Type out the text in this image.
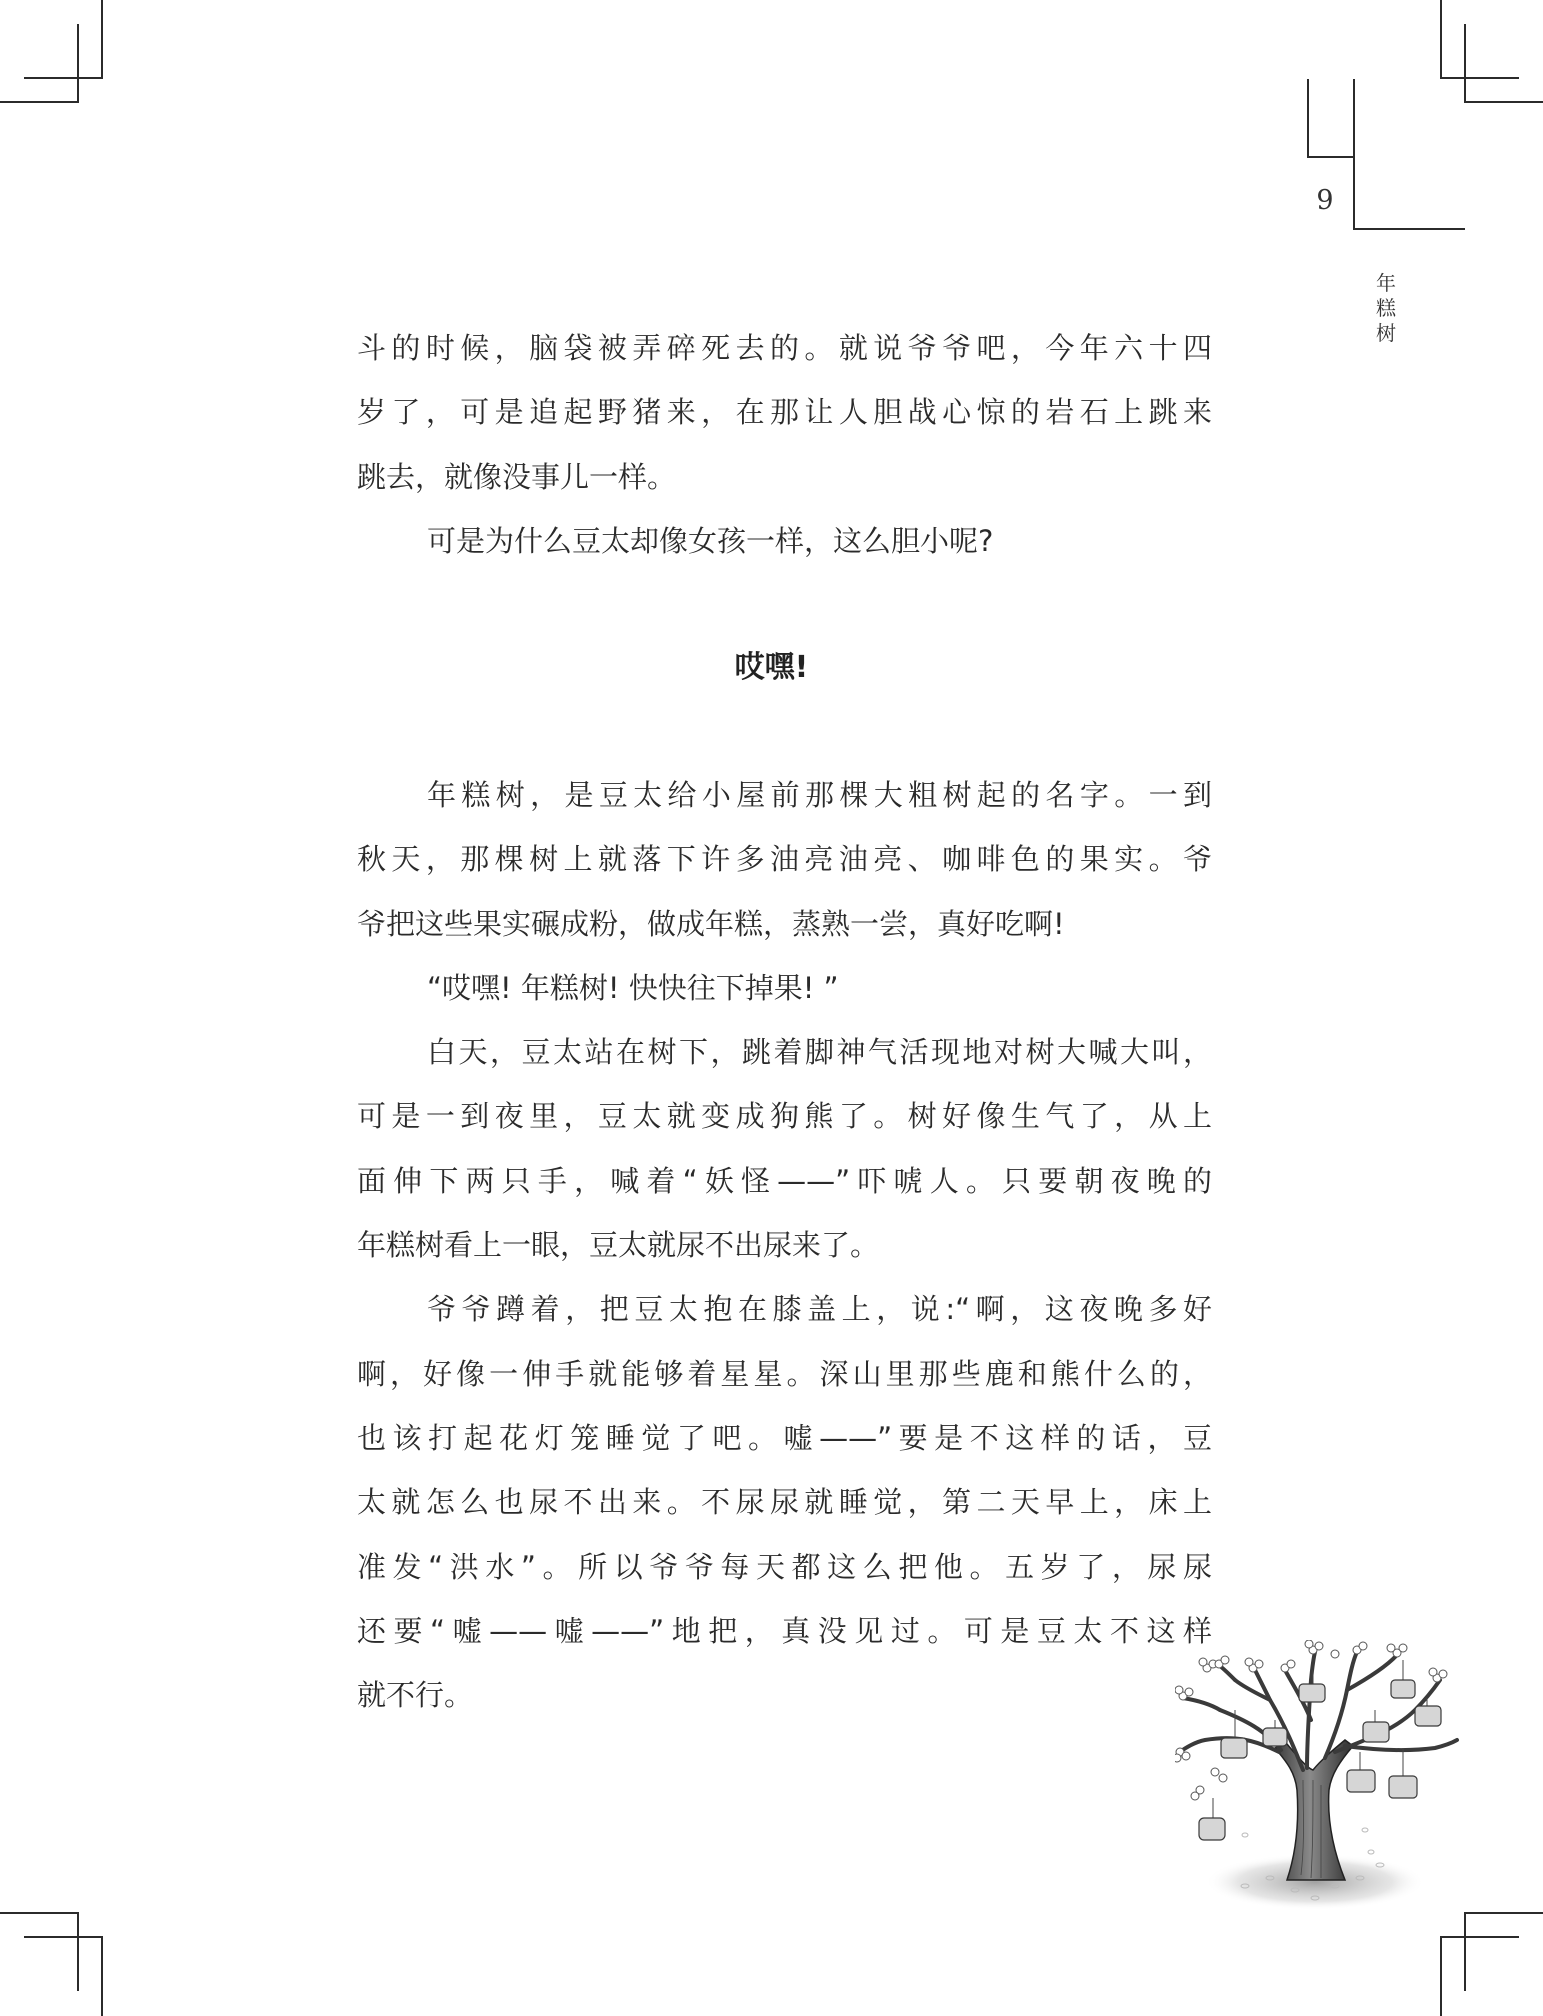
9
年
糕
树
斗的时候，脑袋被弄碎死去的。就说爷爷吧，今年六十四
岁了，可是追起野猪来，在那让人胆战心惊的岩石上跳来
跳去，就像没事儿一样。
可是为什么豆太却像女孩一样，这么胆小呢?
哎嘿!
年糕树，是豆太给小屋前那棵大粗树起的名字。一到
秋天，那棵树上就落下许多油亮油亮、咖啡色的果实。爷
爷把这些果实碾成粉，做成年糕，蒸熟一尝，真好吃啊!
“哎嘿! 年糕树! 快快往下掉果! ”
白天，豆太站在树下，跳着脚神气活现地对树大喊大叫，
可是一到夜里，豆太就变成狗熊了。树好像生气了，从上
面伸下两只手，喊着“妖怪——”吓唬人。只要朝夜晚的
年糕树看上一眼，豆太就尿不出尿来了。
爷爷蹲着，把豆太抱在膝盖上，说:“啊，这夜晚多好
啊，好像一伸手就能够着星星。深山里那些鹿和熊什么的，
也该打起花灯笼睡觉了吧。嘘——”要是不这样的话，豆
太就怎么也尿不出来。不尿尿就睡觉，第二天早上，床上
准发“洪水”。所以爷爷每天都这么把他。五岁了，尿尿
还要“嘘——嘘——”地把，真没见过。可是豆太不这样
就不行。
